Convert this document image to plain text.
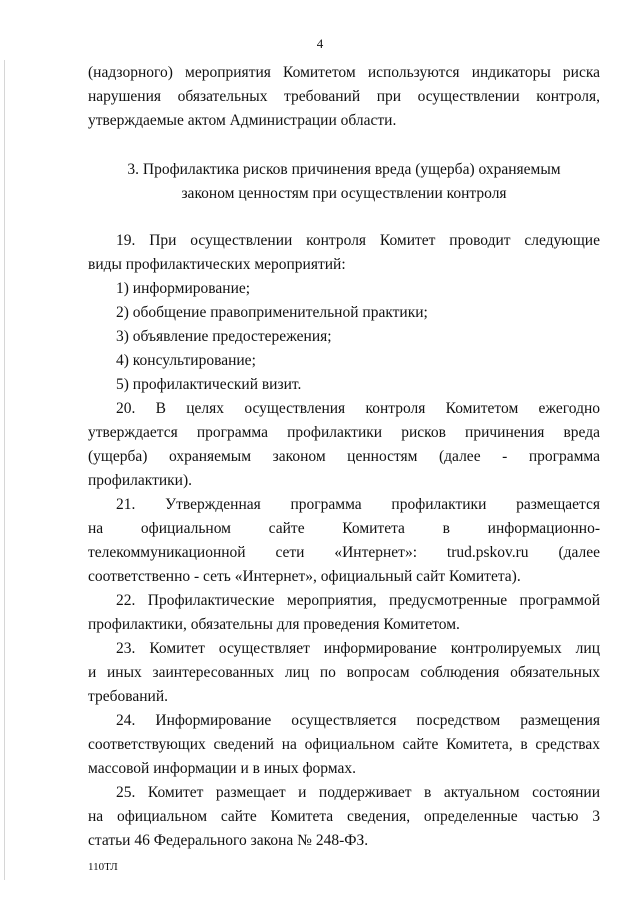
4
(надзорного) мероприятия Комитетом используются индикаторы риска
нарушения обязательных требований при осуществлении контроля,
утверждаемые актом Администрации области.
3. Профилактика рисков причинения вреда (ущерба) охраняемым
законом ценностям при осуществлении контроля
19. При осуществлении контроля Комитет проводит следующие
виды профилактических мероприятий:
1) информирование;
2) обобщение правоприменительной практики;
3) объявление предостережения;
4) консультирование;
5) профилактический визит.
20. В целях осуществления контроля Комитетом ежегодно
утверждается программа профилактики рисков причинения вреда
(ущерба) охраняемым законом ценностям (далее - программа
профилактики).
21. Утвержденная программа профилактики размещается
на официальном сайте Комитета в информационно-
телекоммуникационной сети «Интернет»: trud.pskov.ru (далее
соответственно - сеть «Интернет», официальный сайт Комитета).
22. Профилактические мероприятия, предусмотренные программой
профилактики, обязательны для проведения Комитетом.
23. Комитет осуществляет информирование контролируемых лиц
и иных заинтересованных лиц по вопросам соблюдения обязательных
требований.
24. Информирование осуществляется посредством размещения
соответствующих сведений на официальном сайте Комитета, в средствах
массовой информации и в иных формах.
25. Комитет размещает и поддерживает в актуальном состоянии
на официальном сайте Комитета сведения, определенные частью 3
статьи 46 Федерального закона № 248-ФЗ.
110ТЛ
